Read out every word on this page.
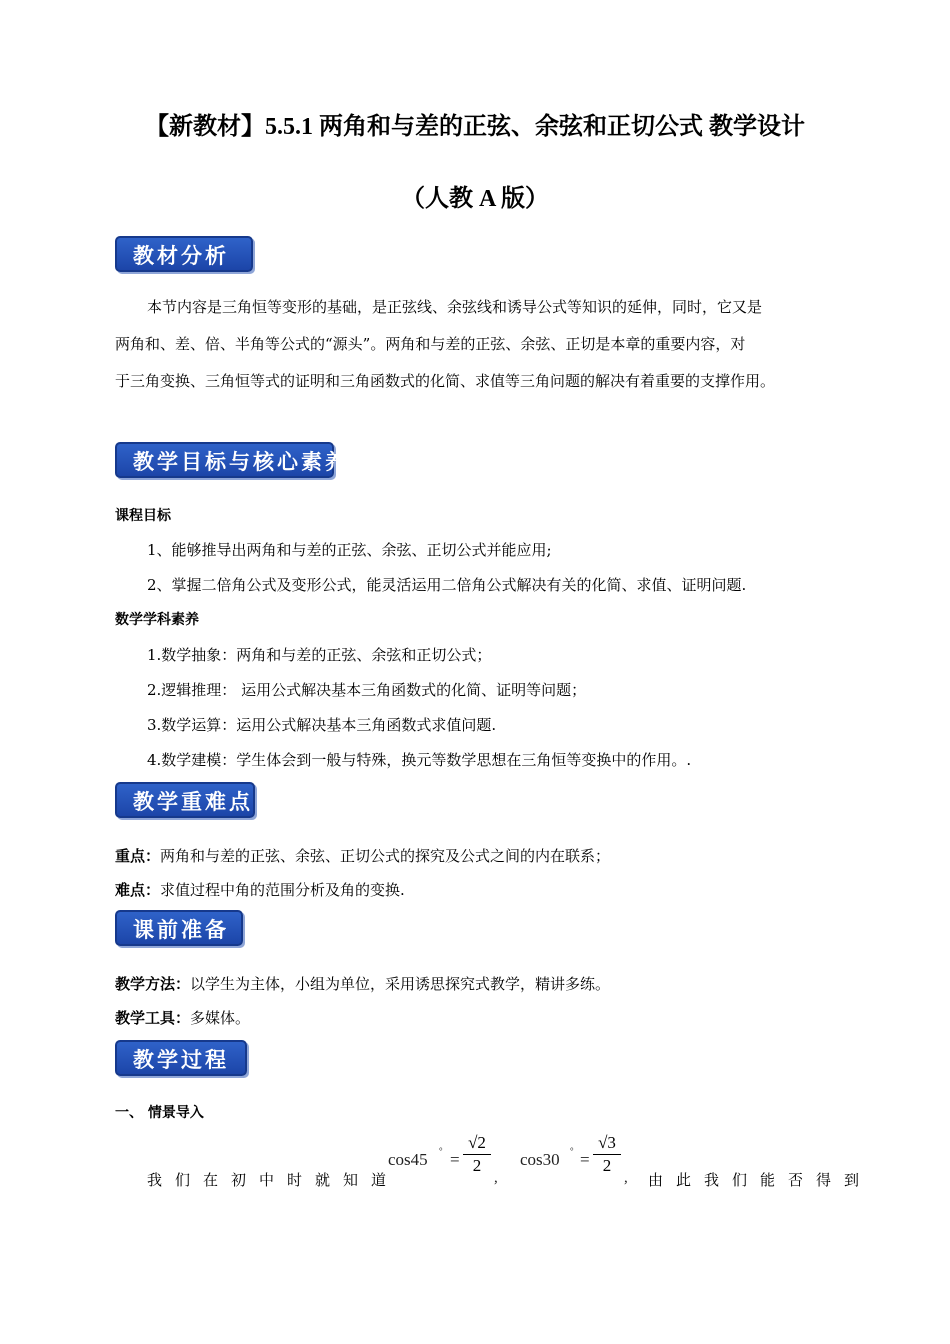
【新教材】5.5.1 两角和与差的正弦、余弦和正切公式 教学设计
（人教 A 版）
教材分析
本节内容是三角恒等变形的基础，是正弦线、余弦线和诱导公式等知识的延伸，同时，它又是
两角和、差、倍、半角等公式的“源头”。两角和与差的正弦、余弦、正切是本章的重要内容，对
于三角变换、三角恒等式的证明和三角函数式的化简、求值等三角问题的解决有着重要的支撑作用。
教学目标与核心素养
课程目标
1、能够推导出两角和与差的正弦、余弦、正切公式并能应用;
2、掌握二倍角公式及变形公式，能灵活运用二倍角公式解决有关的化简、求值、证明问题.
数学学科素养
1.数学抽象：两角和与差的正弦、余弦和正切公式；
2.逻辑推理： 运用公式解决基本三角函数式的化简、证明等问题；
3.数学运算：运用公式解决基本三角函数式求值问题.
4.数学建模：学生体会到一般与特殊，换元等数学思想在三角恒等变换中的作用。.
教学重难点
重点：两角和与差的正弦、余弦、正切公式的探究及公式之间的内在联系；
难点：求值过程中角的范围分析及角的变换.
课前准备
教学方法：以学生为主体，小组为单位，采用诱思探究式教学，精讲多练。
教学工具：多媒体。
教学过程
一、 情景导入
我们在初中时就知道
cos45 ° =
√2
2
,
cos30 ° =
√3
2
, 由此我们能否得到
